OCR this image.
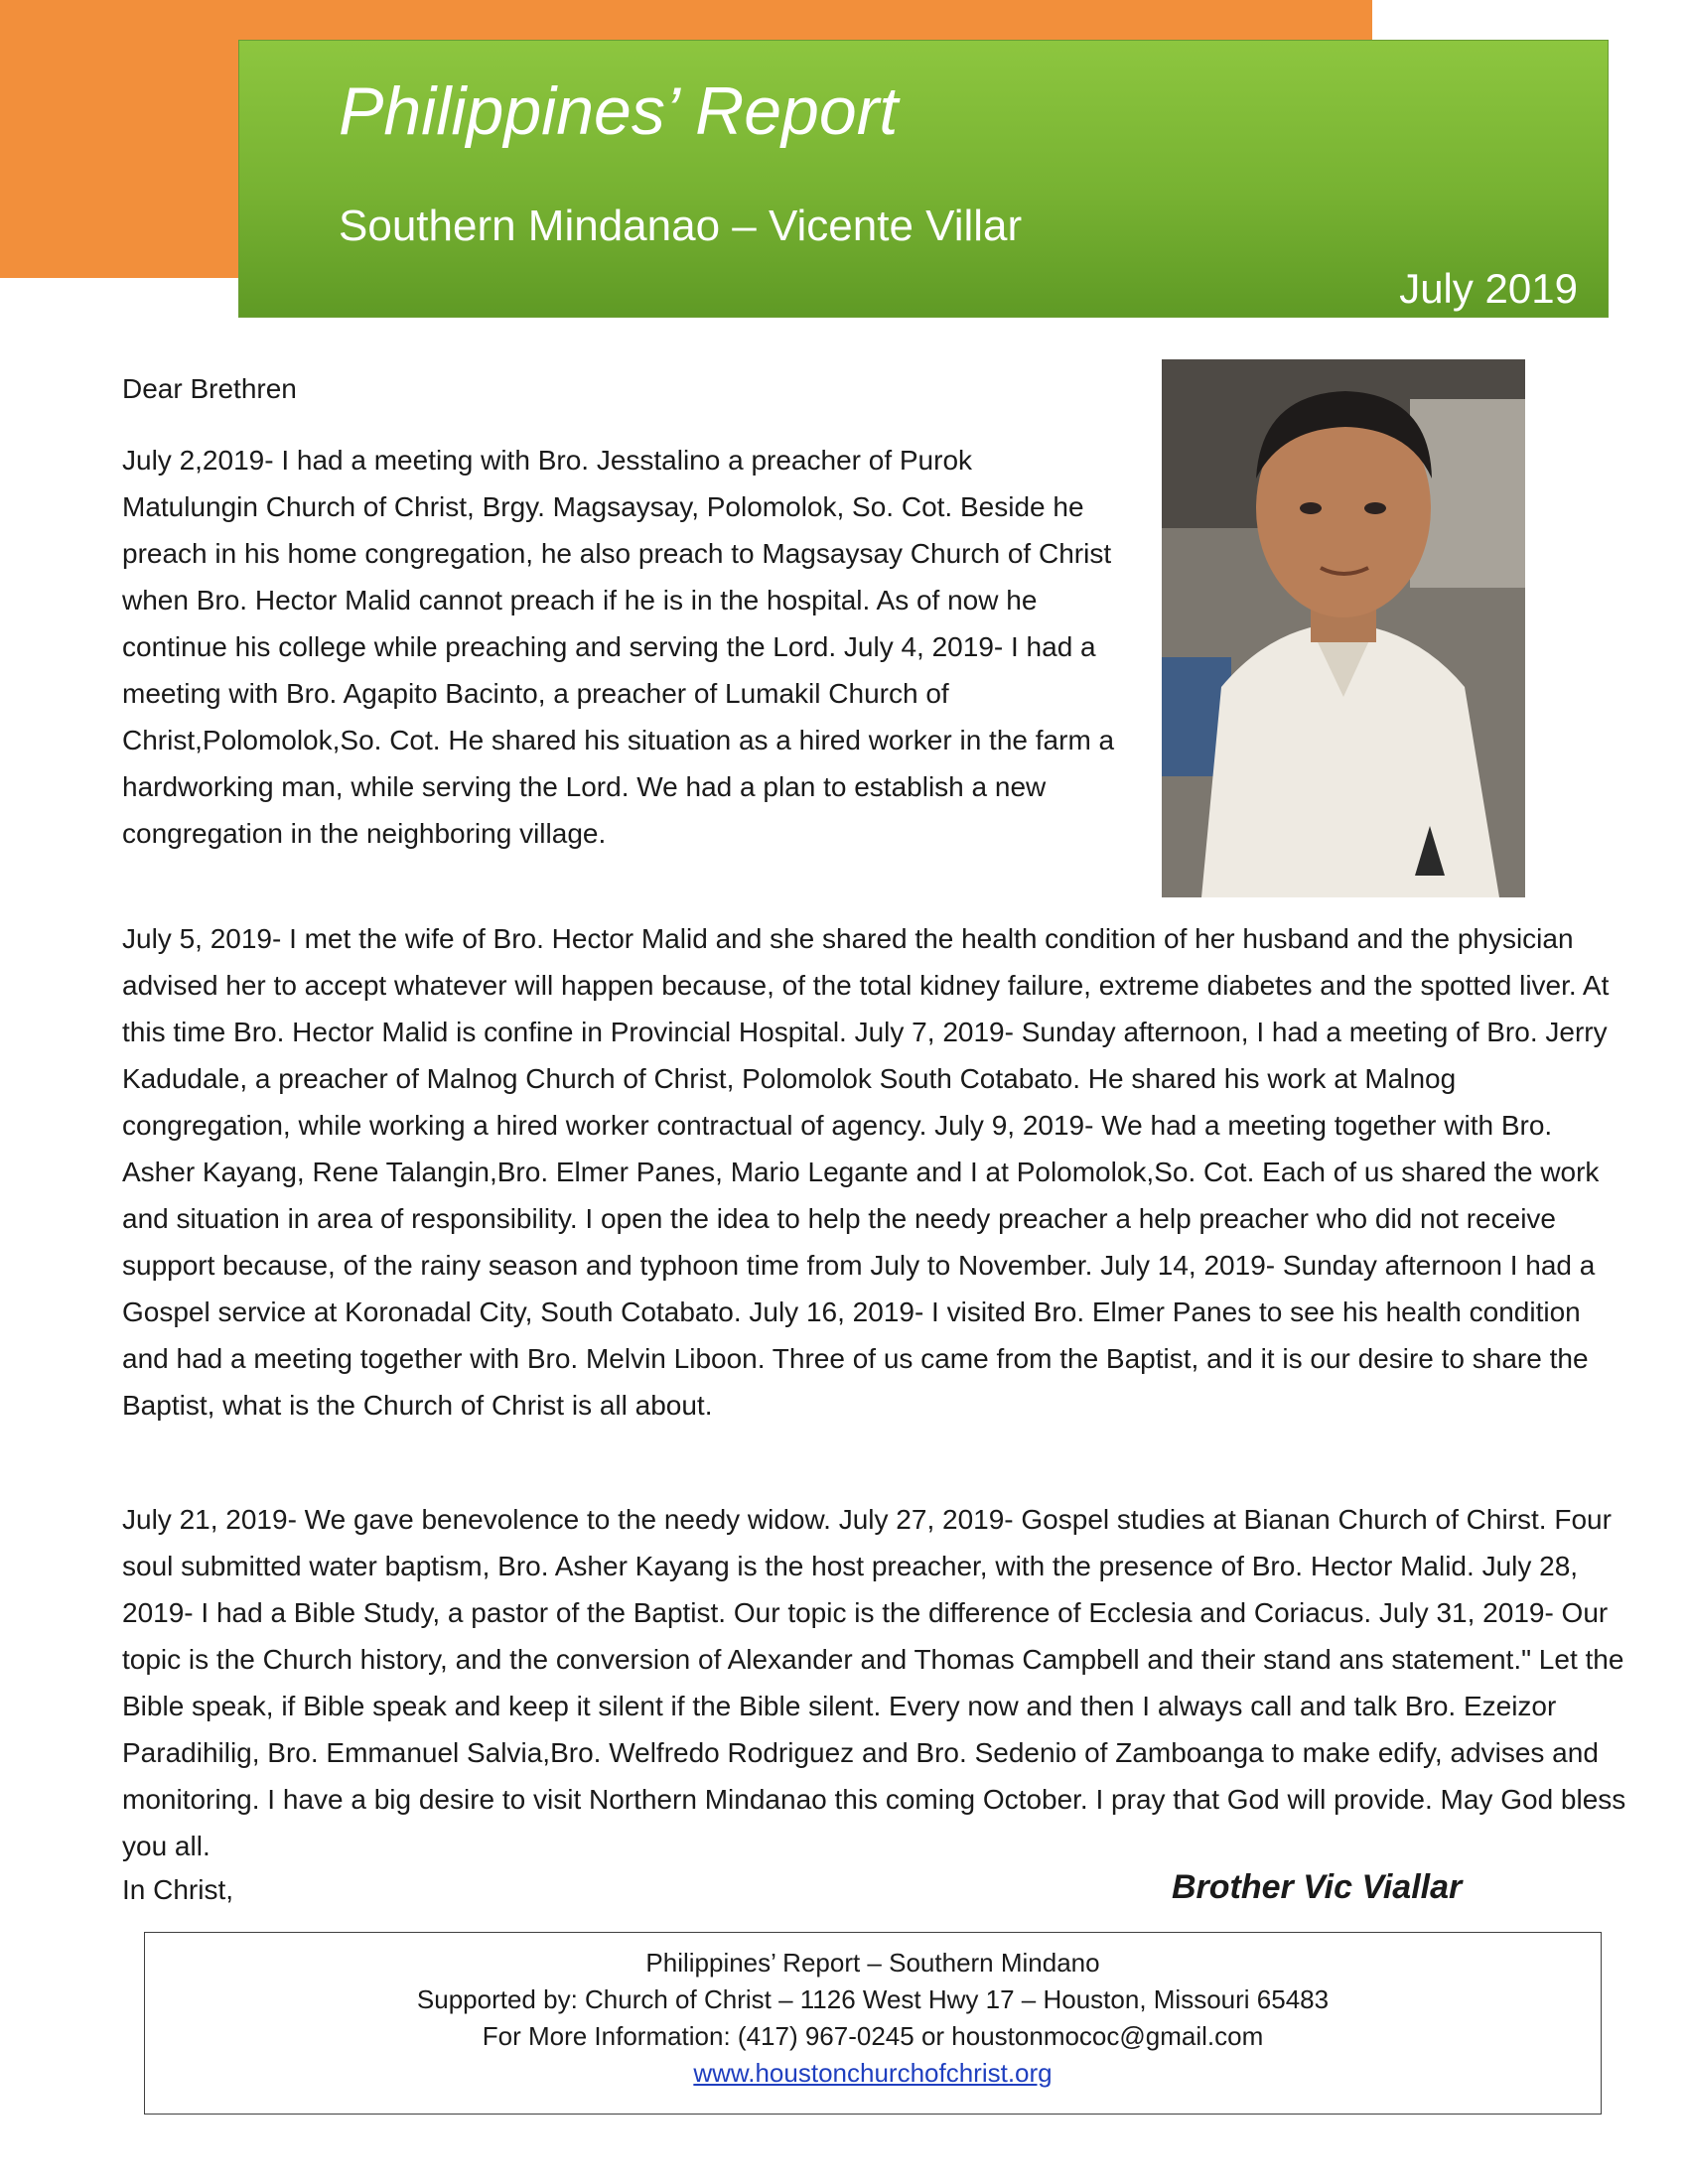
Philippines’ Report
Southern Mindanao – Vicente Villar
July 2019
Dear Brethren

July 2,2019- I had a meeting with Bro. Jesstalino a preacher of Purok Matulungin Church of Christ, Brgy. Magsaysay, Polomolok, So. Cot. Beside he preach in his home congregation, he also preach to Magsaysay Church of Christ when Bro. Hector Malid cannot preach if he is in the hospital. As of now he continue his college while preaching and serving the Lord. July 4, 2019- I had a meeting with Bro. Agapito Bacinto, a preacher of Lumakil Church of Christ,Polomolok,So. Cot. He shared his situation as a hired worker in the farm a hardworking man, while serving the Lord. We had a plan to establish a new congregation in the neighboring village.

July 5, 2019- I met the wife of Bro. Hector Malid and she shared the health condition of her husband and the physician advised her to accept whatever will happen because, of the total kidney failure, extreme diabetes and the spotted liver. At this time Bro. Hector Malid is confine in Provincial Hospital. July 7, 2019- Sunday afternoon, I had a meeting of Bro. Jerry Kadudale, a preacher of Malnog Church of Christ, Polomolok South Cotabato. He shared his work at Malnog congregation, while working a hired worker contractual of agency. July 9, 2019- We had a meeting together with Bro. Asher Kayang, Rene Talangin,Bro. Elmer Panes, Mario Legante and I at Polomolok,So. Cot. Each of us shared the work and situation in area of responsibility. I open the idea to help the needy preacher a help preacher who did not receive support because, of the rainy season and typhoon time from July to November. July 14, 2019- Sunday afternoon I had a Gospel service at Koronadal City, South Cotabato. July 16, 2019- I visited Bro. Elmer Panes to see his health condition and had a meeting together with Bro. Melvin Liboon. Three of us came from the Baptist, and it is our desire to share the Baptist, what is the Church of Christ is all about.

July 21, 2019- We gave benevolence to the needy widow. July 27, 2019- Gospel studies at Bianan Church of Chirst. Four soul submitted water baptism, Bro. Asher Kayang is the host preacher, with the presence of Bro. Hector Malid. July 28, 2019- I had a Bible Study, a pastor of the Baptist. Our topic is the difference of Ecclesia and Coriacus. July 31, 2019- Our topic is the Church history, and the conversion of Alexander and Thomas Campbell and their stand ans statement." Let the Bible speak, if Bible speak and keep it silent if the Bible silent. Every now and then I always call and talk Bro. Ezeizor Paradihilig, Bro. Emmanuel Salvia,Bro. Welfredo Rodriguez and Bro. Sedenio of Zamboanga to make edify, advises and monitoring. I have a big desire to visit Northern Mindanao this coming October. I pray that God will provide. May God bless you all.

In Christ,	Brother Vic Viallar
Philippines’ Report – Southern Mindano
Supported by: Church of Christ – 1126 West Hwy 17 – Houston, Missouri 65483
For More Information: (417) 967-0245 or houstonmococ@gmail.com
www.houstonchurchofchrist.org
